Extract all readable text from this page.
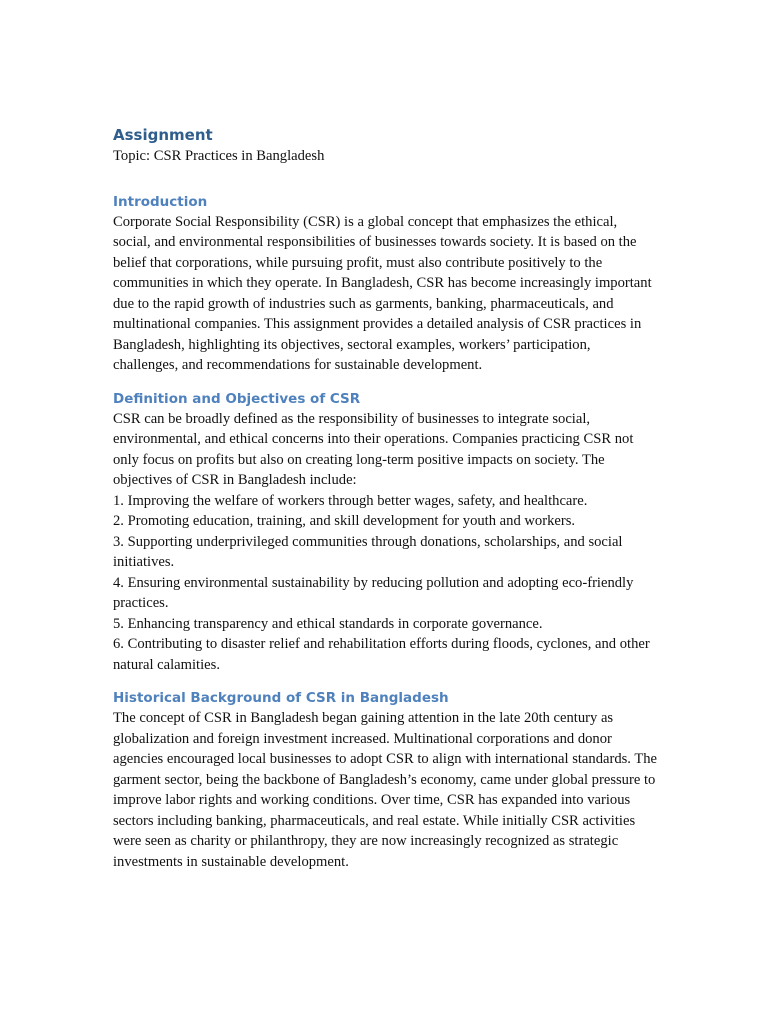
Assignment

Topic: CSR Practices in Bangladesh

Introduction

Corporate Social Responsibility (CSR) is a global concept that emphasizes the ethical, social, and environmental responsibilities of businesses towards society. It is based on the belief that corporations, while pursuing profit, must also contribute positively to the communities in which they operate. In Bangladesh, CSR has become increasingly important due to the rapid growth of industries such as garments, banking, pharmaceuticals, and multinational companies. This assignment provides a detailed analysis of CSR practices in Bangladesh, highlighting its objectives, sectoral examples, workers’ participation, challenges, and recommendations for sustainable development.

Definition and Objectives of CSR

CSR can be broadly defined as the responsibility of businesses to integrate social, environmental, and ethical concerns into their operations. Companies practicing CSR not only focus on profits but also on creating long-term positive impacts on society. The objectives of CSR in Bangladesh include:

1. Improving the welfare of workers through better wages, safety, and healthcare.
2. Promoting education, training, and skill development for youth and workers.
3. Supporting underprivileged communities through donations, scholarships, and social initiatives.
4. Ensuring environmental sustainability by reducing pollution and adopting eco-friendly practices.
5. Enhancing transparency and ethical standards in corporate governance.
6. Contributing to disaster relief and rehabilitation efforts during floods, cyclones, and other natural calamities.
Historical Background of CSR in Bangladesh

The concept of CSR in Bangladesh began gaining attention in the late 20th century as globalization and foreign investment increased. Multinational corporations and donor agencies encouraged local businesses to adopt CSR to align with international standards. The garment sector, being the backbone of Bangladesh’s economy, came under global pressure to improve labor rights and working conditions. Over time, CSR has expanded into various sectors including banking, pharmaceuticals, and real estate. While initially CSR activities were seen as charity or philanthropy, they are now increasingly recognized as strategic investments in sustainable development.
